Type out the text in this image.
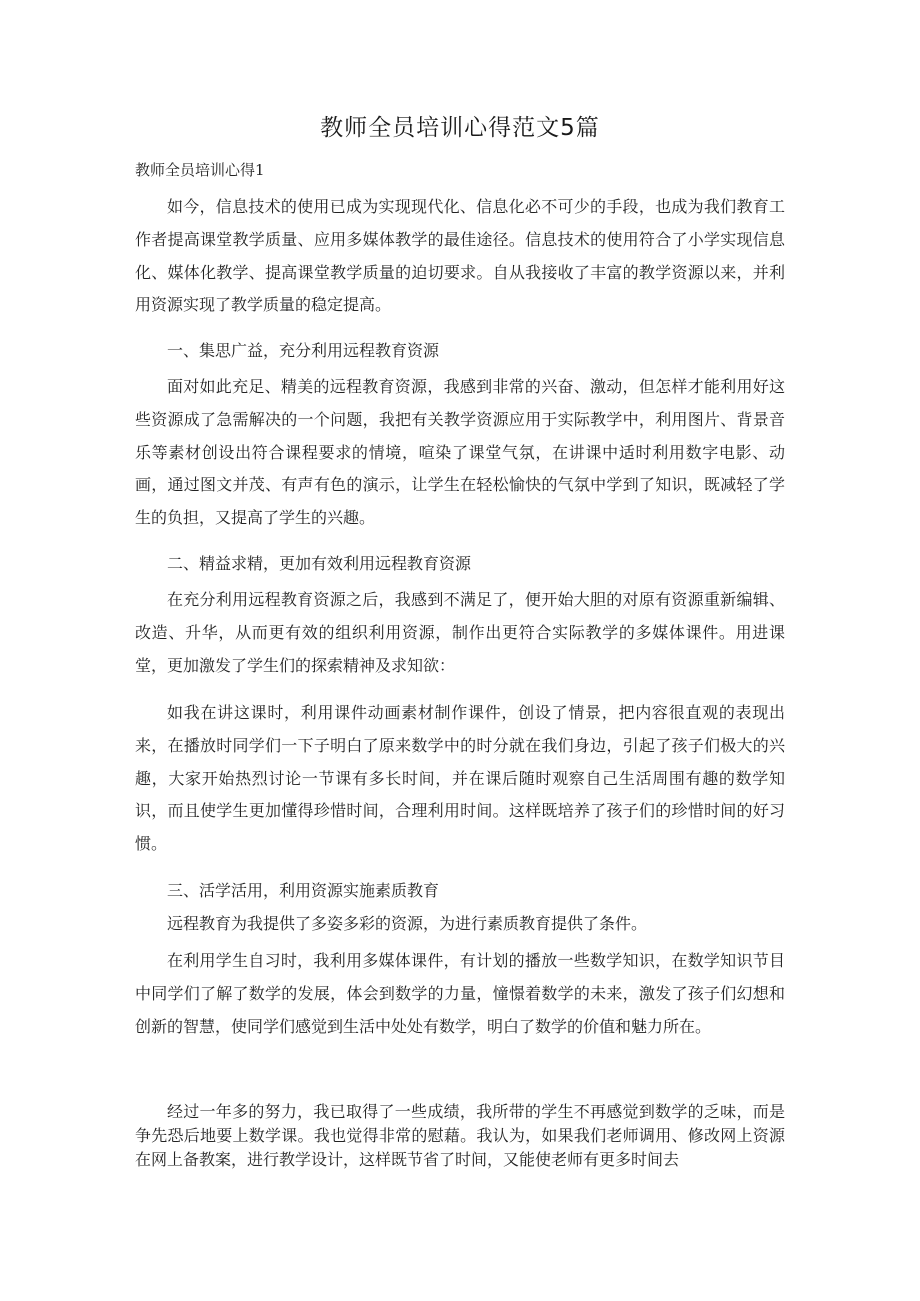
教师全员培训心得范文5篇

教师全员培训心得1

如今，信息技术的使用已成为实现现代化、信息化必不可少的手段，也成为我们教育工作者提高课堂教学质量、应用多媒体教学的最佳途径。信息技术的使用符合了小学实现信息化、媒体化教学、提高课堂教学质量的迫切要求。自从我接收了丰富的教学资源以来，并利用资源实现了教学质量的稳定提高。

一、集思广益，充分利用远程教育资源

面对如此充足、精美的远程教育资源，我感到非常的兴奋、激动，但怎样才能利用好这些资源成了急需解决的一个问题，我把有关教学资源应用于实际教学中，利用图片、背景音乐等素材创设出符合课程要求的情境，喧染了课堂气氛，在讲课中适时利用数字电影、动画，通过图文并茂、有声有色的演示，让学生在轻松愉快的气氛中学到了知识，既减轻了学生的负担，又提高了学生的兴趣。

二、精益求精，更加有效利用远程教育资源

在充分利用远程教育资源之后，我感到不满足了，便开始大胆的对原有资源重新编辑、改造、升华，从而更有效的组织利用资源，制作出更符合实际教学的多媒体课件。用进课堂，更加激发了学生们的探索精神及求知欲：

如我在讲这课时，利用课件动画素材制作课件，创设了情景，把内容很直观的表现出来，在播放时同学们一下子明白了原来数学中的时分就在我们身边，引起了孩子们极大的兴趣，大家开始热烈讨论一节课有多长时间，并在课后随时观察自己生活周围有趣的数学知识，而且使学生更加懂得珍惜时间，合理利用时间。这样既培养了孩子们的珍惜时间的好习惯。

三、活学活用，利用资源实施素质教育

远程教育为我提供了多姿多彩的资源，为进行素质教育提供了条件。

在利用学生自习时，我利用多媒体课件，有计划的播放一些数学知识，在数学知识节目中同学们了解了数学的发展，体会到数学的力量，憧憬着数学的未来，激发了孩子们幻想和创新的智慧，使同学们感觉到生活中处处有数学，明白了数学的价值和魅力所在。

经过一年多的努力，我已取得了一些成绩，我所带的学生不再感觉到数学的乏味，而是争先恐后地要上数学课。我也觉得非常的慰藉。我认为，如果我们老师调用、修改网上资源在网上备教案，进行教学设计，这样既节省了时间，又能使老师有更多时间去
